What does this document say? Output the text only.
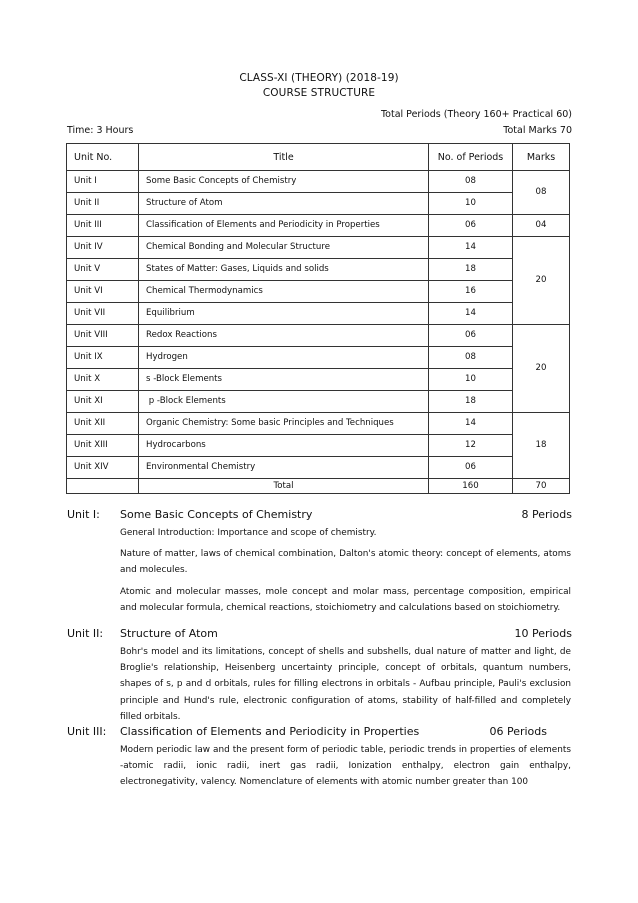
CLASS-XI (THEORY) (2018-19)
COURSE STRUCTURE
Total Periods (Theory 160+ Practical 60)
Time: 3 Hours	Total Marks 70
Unit No.	Title	No. of Periods	Marks
Unit I	Some Basic Concepts of Chemistry	08	08
Unit II	Structure of Atom	10	
Unit III	Classification of Elements and Periodicity in Properties	06	04
Unit IV	Chemical Bonding and Molecular Structure	14	20
Unit V	States of Matter: Gases, Liquids and solids	18	
Unit VI	Chemical Thermodynamics	16	
Unit VII	Equilibrium	14	
Unit VIII	Redox Reactions	06	20
Unit IX	Hydrogen	08	
Unit X	s -Block Elements	10	
Unit XI	p -Block Elements	18	
Unit XII	Organic Chemistry: Some basic Principles and Techniques	14	18
Unit XIII	Hydrocarbons	12	
Unit XIV	Environmental Chemistry	06	
	Total	160	70
Unit I: Some Basic Concepts of Chemistry	8 Periods

General Introduction: Importance and scope of chemistry.

Nature of matter, laws of chemical combination, Dalton's atomic theory: concept of elements, atoms and molecules.

Atomic and molecular masses, mole concept and molar mass, percentage composition, empirical and molecular formula, chemical reactions, stoichiometry and calculations based on stoichiometry.

Unit II: Structure of Atom	10 Periods

Bohr's model and its limitations, concept of shells and subshells, dual nature of matter and light, de Broglie's relationship, Heisenberg uncertainty principle, concept of orbitals, quantum numbers, shapes of s, p and d orbitals, rules for filling electrons in orbitals - Aufbau principle, Pauli's exclusion principle and Hund's rule, electronic configuration of atoms, stability of half-filled and completely filled orbitals.

Unit III: Classification of Elements and Periodicity in Properties	06 Periods

Modern periodic law and the present form of periodic table, periodic trends in properties of elements -atomic radii, ionic radii, inert gas radii, Ionization enthalpy, electron gain enthalpy, electronegativity, valency. Nomenclature of elements with atomic number greater than 100
